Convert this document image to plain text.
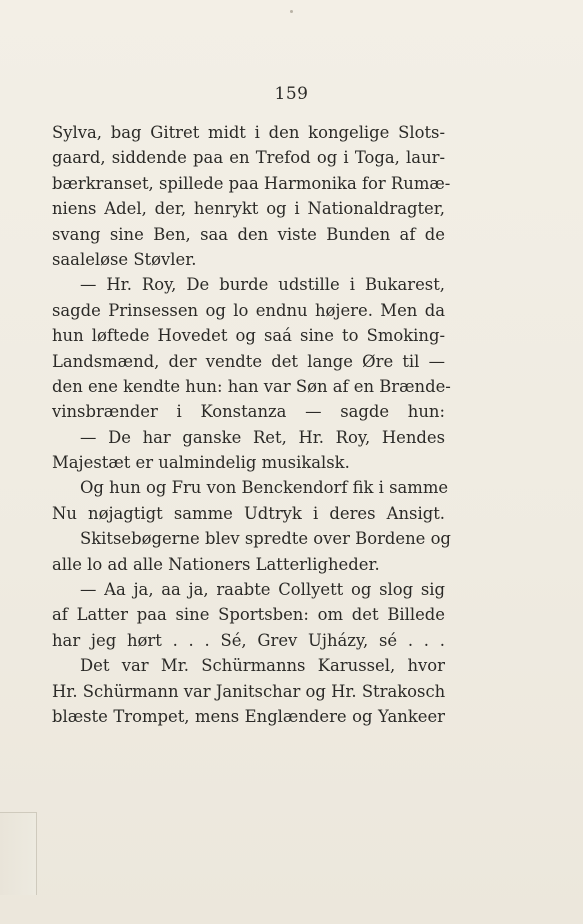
159
Sylva, bag Gitret midt i den kongelige Slots-
gaard, siddende paa en Trefod og i Toga, laur-
bærkranset, spillede paa Harmonika for Rumæ-
niens Adel, der, henrykt og i Nationaldragter,
svang sine Ben, saa den viste Bunden af de
saaleløse Støvler.
— Hr. Roy, De burde udstille i Bukarest,
sagde Prinsessen og lo endnu højere. Men da
hun løftede Hovedet og saá sine to Smoking-
Landsmænd, der vendte det lange Øre til —
den ene kendte hun: han var Søn af en Brænde-
vinsbrænder i Konstanza — sagde hun:
— De har ganske Ret, Hr. Roy, Hendes
Majestæt er ualmindelig musikalsk.
Og hun og Fru von Benckendorf fik i samme
Nu nøjagtigt samme Udtryk i deres Ansigt.
Skitsebøgerne blev spredte over Bordene og
alle lo ad alle Nationers Latterligheder.
— Aa ja, aa ja, raabte Collyett og slog sig
af Latter paa sine Sportsben: om det Billede
har jeg hørt . . . Sé, Grev Ujházy, sé . . .
Det var Mr. Schürmanns Karussel, hvor
Hr. Schürmann var Janitschar og Hr. Strakosch
blæste Trompet, mens Englændere og Yankeer
